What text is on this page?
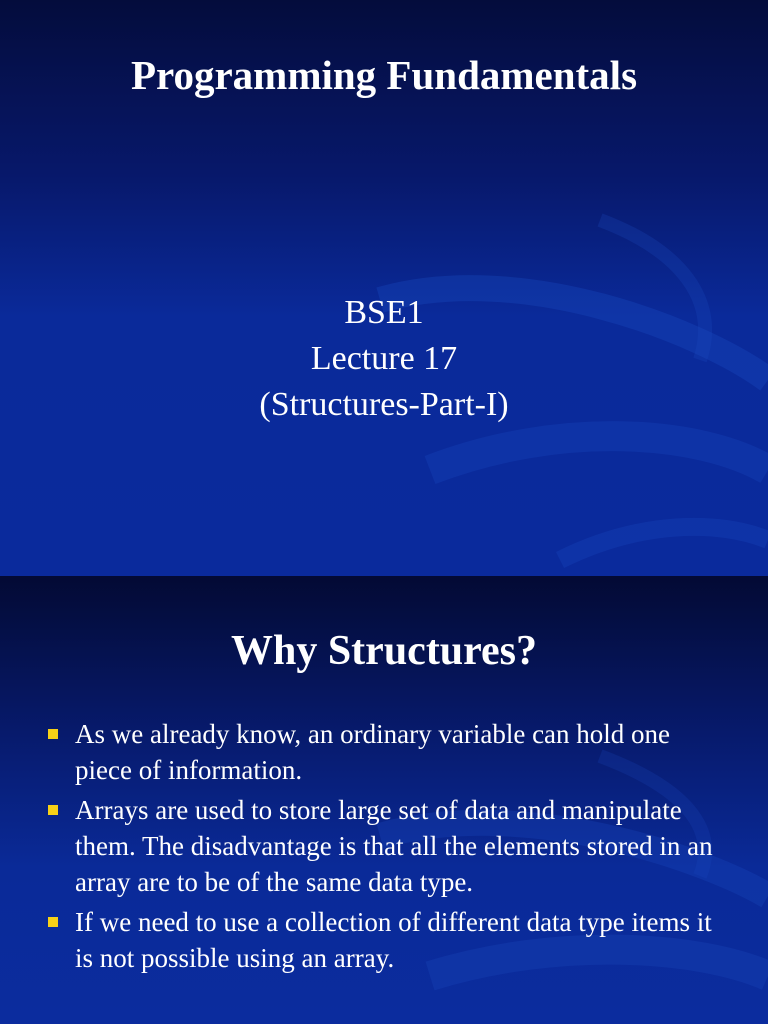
Programming Fundamentals
BSE1
Lecture 17
(Structures-Part-I)
Why Structures?
As we already know, an ordinary variable can hold one piece of information.
Arrays are used to store large set of data and manipulate them. The disadvantage is that all the elements stored in an array are to be of the same data type.
If we need to use a collection of different data type items it is not possible using an array.
